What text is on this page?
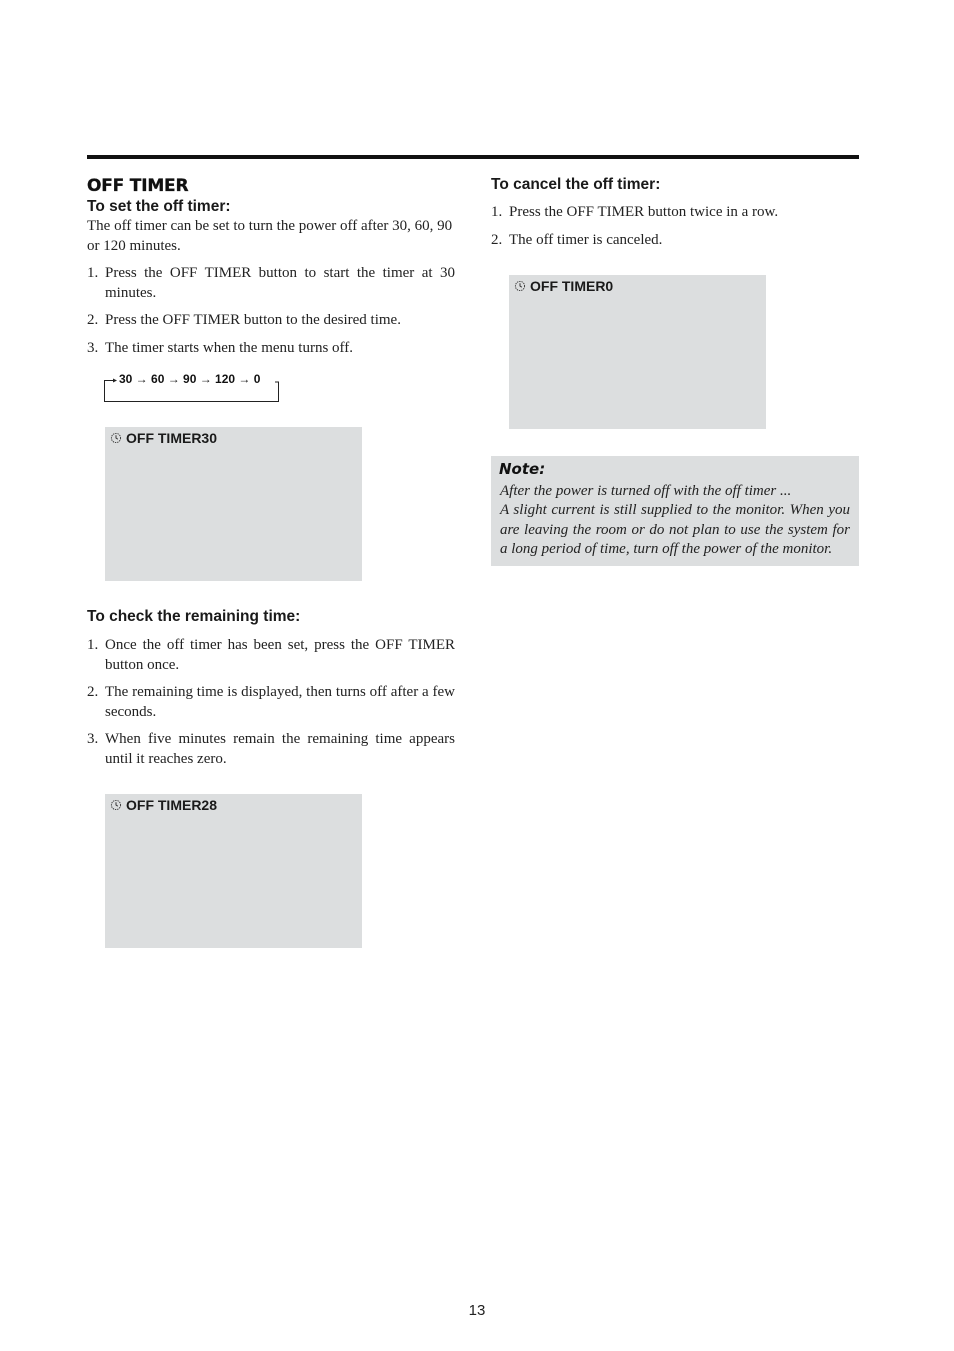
OFF TIMER
To set the off timer:

The off timer can be set to turn the power off after 30, 60, 90 or 120 minutes.

1. Press the OFF TIMER button to start the timer at 30 minutes.
2. Press the OFF TIMER button to the desired time.
3. The timer starts when the menu turns off.
30 → 60 → 90 → 120 → 0
OFF TIMER30
To check the remaining time:
1. Once the off timer has been set, press the OFF TIMER button once.
2. The remaining time is displayed, then turns off after a few seconds.
3. When five minutes remain the remaining time appears until it reaches zero.
OFF TIMER28
To cancel the off timer:
1. Press the OFF TIMER button twice in a row.
2. The off timer is canceled.
OFF TIMER0
Note:
After the power is turned off with the off timer ...
A slight current is still supplied to the monitor. When you are leaving the room or do not plan to use the system for a long period of time, turn off the power of the monitor.
13
